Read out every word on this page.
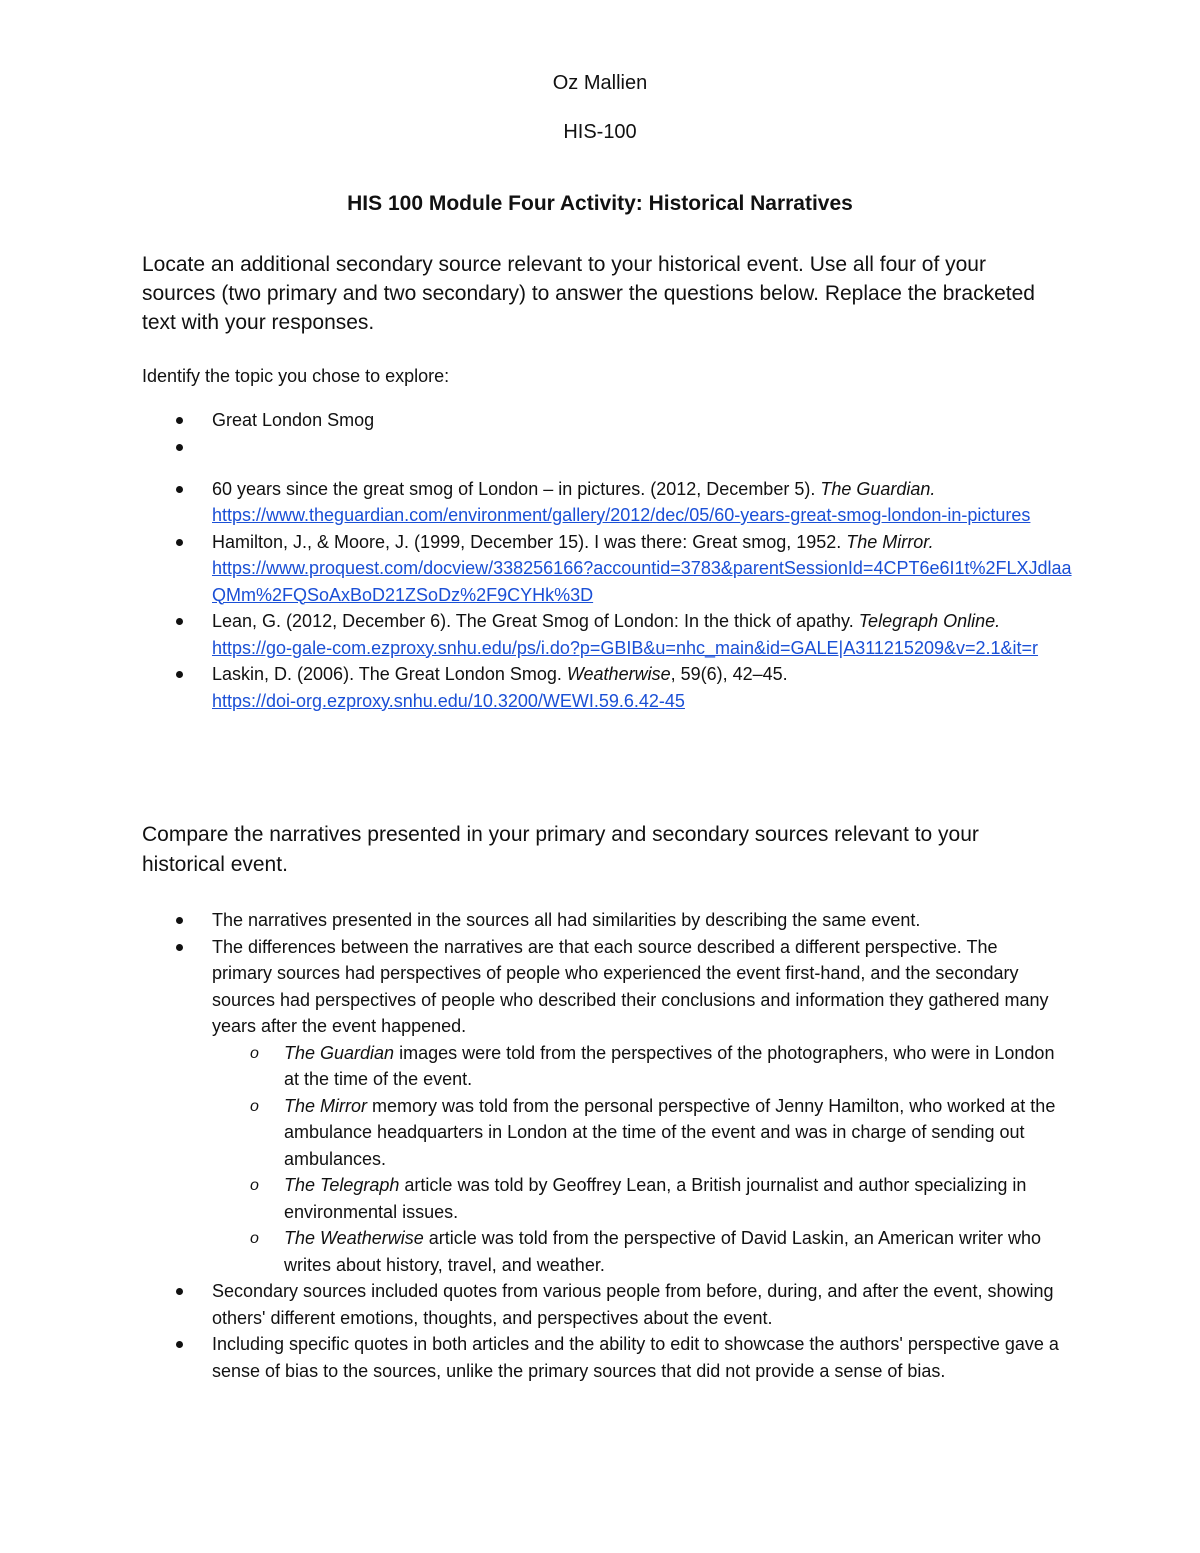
Oz Mallien
HIS-100
HIS 100 Module Four Activity: Historical Narratives
Locate an additional secondary source relevant to your historical event. Use all four of your sources (two primary and two secondary) to answer the questions below. Replace the bracketed text with your responses.
Identify the topic you chose to explore:
Great London Smog
60 years since the great smog of London – in pictures. (2012, December 5). The Guardian.
https://www.theguardian.com/environment/gallery/2012/dec/05/60-years-great-smog-london-in-pictures
Hamilton, J., & Moore, J. (1999, December 15). I was there: Great smog, 1952. The Mirror.
https://www.proquest.com/docview/338256166?accountid=3783&parentSessionId=4CPT6e6I1t%2FLXJdlaaQMm%2FQSoAxBoD21ZSoDz%2F9CYHk%3D
Lean, G. (2012, December 6). The Great Smog of London: In the thick of apathy. Telegraph Online.
https://go-gale-com.ezproxy.snhu.edu/ps/i.do?p=GBIB&u=nhc_main&id=GALE|A311215209&v=2.1&it=r
Laskin, D. (2006). The Great London Smog. Weatherwise, 59(6), 42–45.
https://doi-org.ezproxy.snhu.edu/10.3200/WEWI.59.6.42-45
Compare the narratives presented in your primary and secondary sources relevant to your historical event.
The narratives presented in the sources all had similarities by describing the same event.
The differences between the narratives are that each source described a different perspective. The primary sources had perspectives of people who experienced the event first-hand, and the secondary sources had perspectives of people who described their conclusions and information they gathered many years after the event happened.
o The Guardian images were told from the perspectives of the photographers, who were in London at the time of the event.
o The Mirror memory was told from the personal perspective of Jenny Hamilton, who worked at the ambulance headquarters in London at the time of the event and was in charge of sending out ambulances.
o The Telegraph article was told by Geoffrey Lean, a British journalist and author specializing in environmental issues.
o The Weatherwise article was told from the perspective of David Laskin, an American writer who writes about history, travel, and weather.
Secondary sources included quotes from various people from before, during, and after the event, showing others' different emotions, thoughts, and perspectives about the event.
Including specific quotes in both articles and the ability to edit to showcase the authors' perspective gave a sense of bias to the sources, unlike the primary sources that did not provide a sense of bias.
